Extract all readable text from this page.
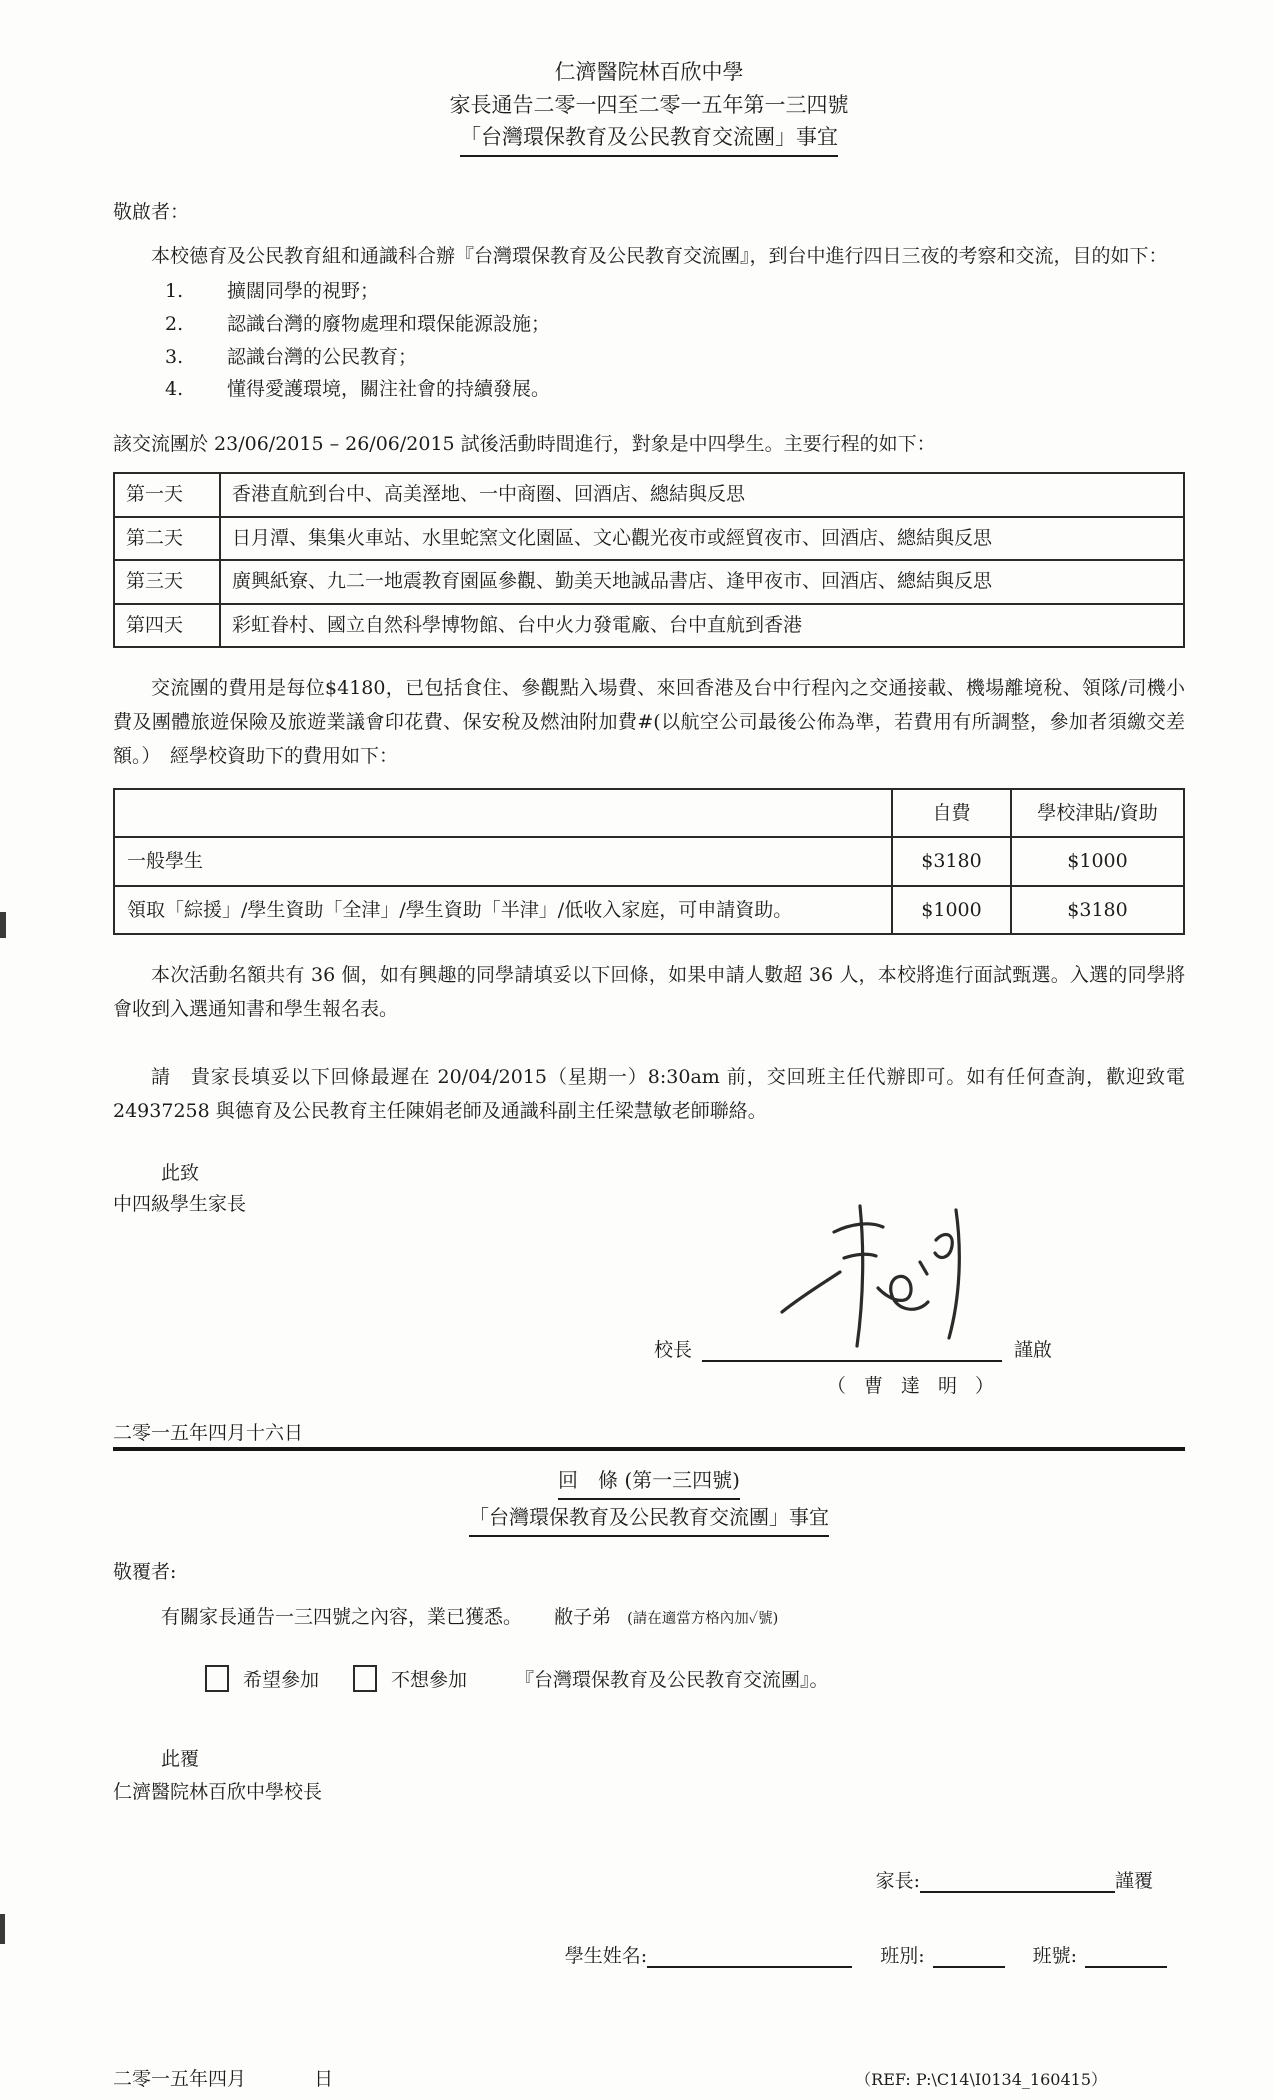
仁濟醫院林百欣中學
家長通告二零一四至二零一五年第一三四號
「台灣環保教育及公民教育交流團」事宜
敬啟者：
本校德育及公民教育組和通識科合辦『台灣環保教育及公民教育交流團』，到台中進行四日三夜的考察和交流，目的如下：
1.	擴闊同學的視野；
2.	認識台灣的廢物處理和環保能源設施；
3.	認識台灣的公民教育；
4.	懂得愛護環境，關注社會的持續發展。
該交流團於 23/06/2015 – 26/06/2015 試後活動時間進行，對象是中四學生。主要行程的如下：
第一天	香港直航到台中、高美溼地、一中商圈、回酒店、總結與反思
第二天	日月潭、集集火車站、水里蛇窯文化園區、文心觀光夜市或經貿夜市、回酒店、總結與反思
第三天	廣興紙寮、九二一地震教育園區參觀、勤美天地誠品書店、逢甲夜市、回酒店、總結與反思
第四天	彩虹眷村、國立自然科學博物館、台中火力發電廠、台中直航到香港
交流團的費用是每位$4180，已包括食住、參觀點入場費、來回香港及台中行程內之交通接載、機場離境稅、領隊/司機小費及團體旅遊保險及旅遊業議會印花費、保安稅及燃油附加費#(以航空公司最後公佈為準，若費用有所調整，參加者須繳交差額。）　經學校資助下的費用如下：
	自費	學校津貼/資助
一般學生	$3180	$1000
領取「綜援」/學生資助「全津」/學生資助「半津」/低收入家庭，可申請資助。	$1000	$3180
本次活動名額共有 36 個，如有興趣的同學請填妥以下回條，如果申請人數超 36 人，本校將進行面試甄選。入選的同學將會收到入選通知書和學生報名表。
請　貴家長填妥以下回條最遲在 20/04/2015（星期一）8:30am 前，交回班主任代辦即可。如有任何查詢，歡迎致電 24937258 與德育及公民教育主任陳娟老師及通識科副主任梁慧敏老師聯絡。
此致
中四級學生家長
校長	謹啟
（ 曹 達 明 ）
二零一五年四月十六日
回　條 (第一三四號)
「台灣環保教育及公民教育交流團」事宜
敬覆者:
有關家長通告一三四號之內容，業已獲悉。 敝子弟 (請在適當方格內加✓號)
希望參加	不想參加	『台灣環保教育及公民教育交流團』。
此覆
仁濟醫院林百欣中學校長
家長:	謹覆
學生姓名:	班別:	班號:
二零一五年四月	日	（REF: P:\C14\I0134_160415）
